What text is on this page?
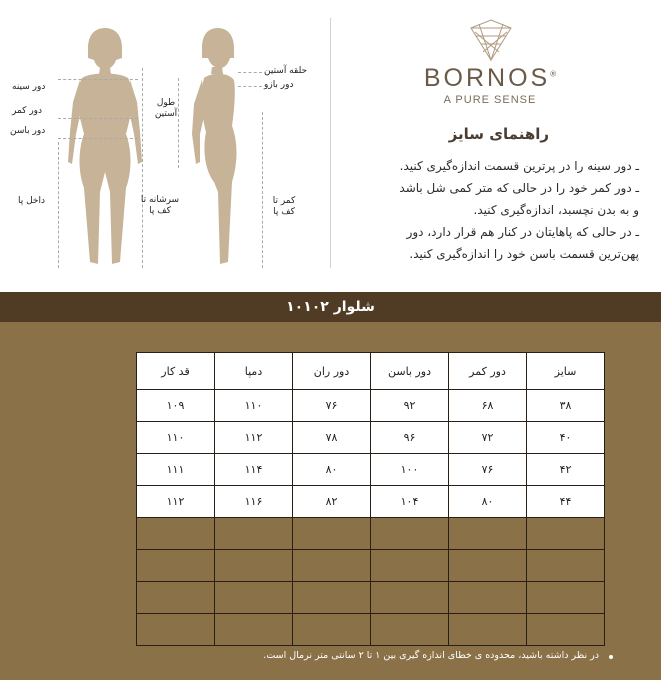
دور سینه
دور کمر
دور باسن
داخل پا	سرشانه تا کف پا
حلقه آستین
دور بازو
طول آستین
کمر تا کف پا
BORNOS®
A PURE SENSE
راهنمای سایز

ـ دور سینه را در پرترین قسمت اندازه‌گیری کنید.

ـ دور کمر خود را در حالی که متر کمی شل باشد

و به بدن نچسبد، اندازه‌گیری کنید.

ـ در حالی که پاهایتان در کنار هم قرار دارد، دور

پهن‌ترین قسمت باسن خود را اندازه‌گیری کنید.

شلوار ۱۰۱۰۲
سایز	دور کمر	دور باسن	دور ران	دمپا	قد کار
۳۸	۶۸	۹۲	۷۶	۱۱۰	۱۰۹
۴۰	۷۲	۹۶	۷۸	۱۱۲	۱۱۰
۴۲	۷۶	۱۰۰	۸۰	۱۱۴	۱۱۱
۴۴	۸۰	۱۰۴	۸۲	۱۱۶	۱۱۲

در نظر داشته باشید، محدوده ی خطای اندازه گیری بین ۱ تا ۲ سانتی متر نرمال است.
